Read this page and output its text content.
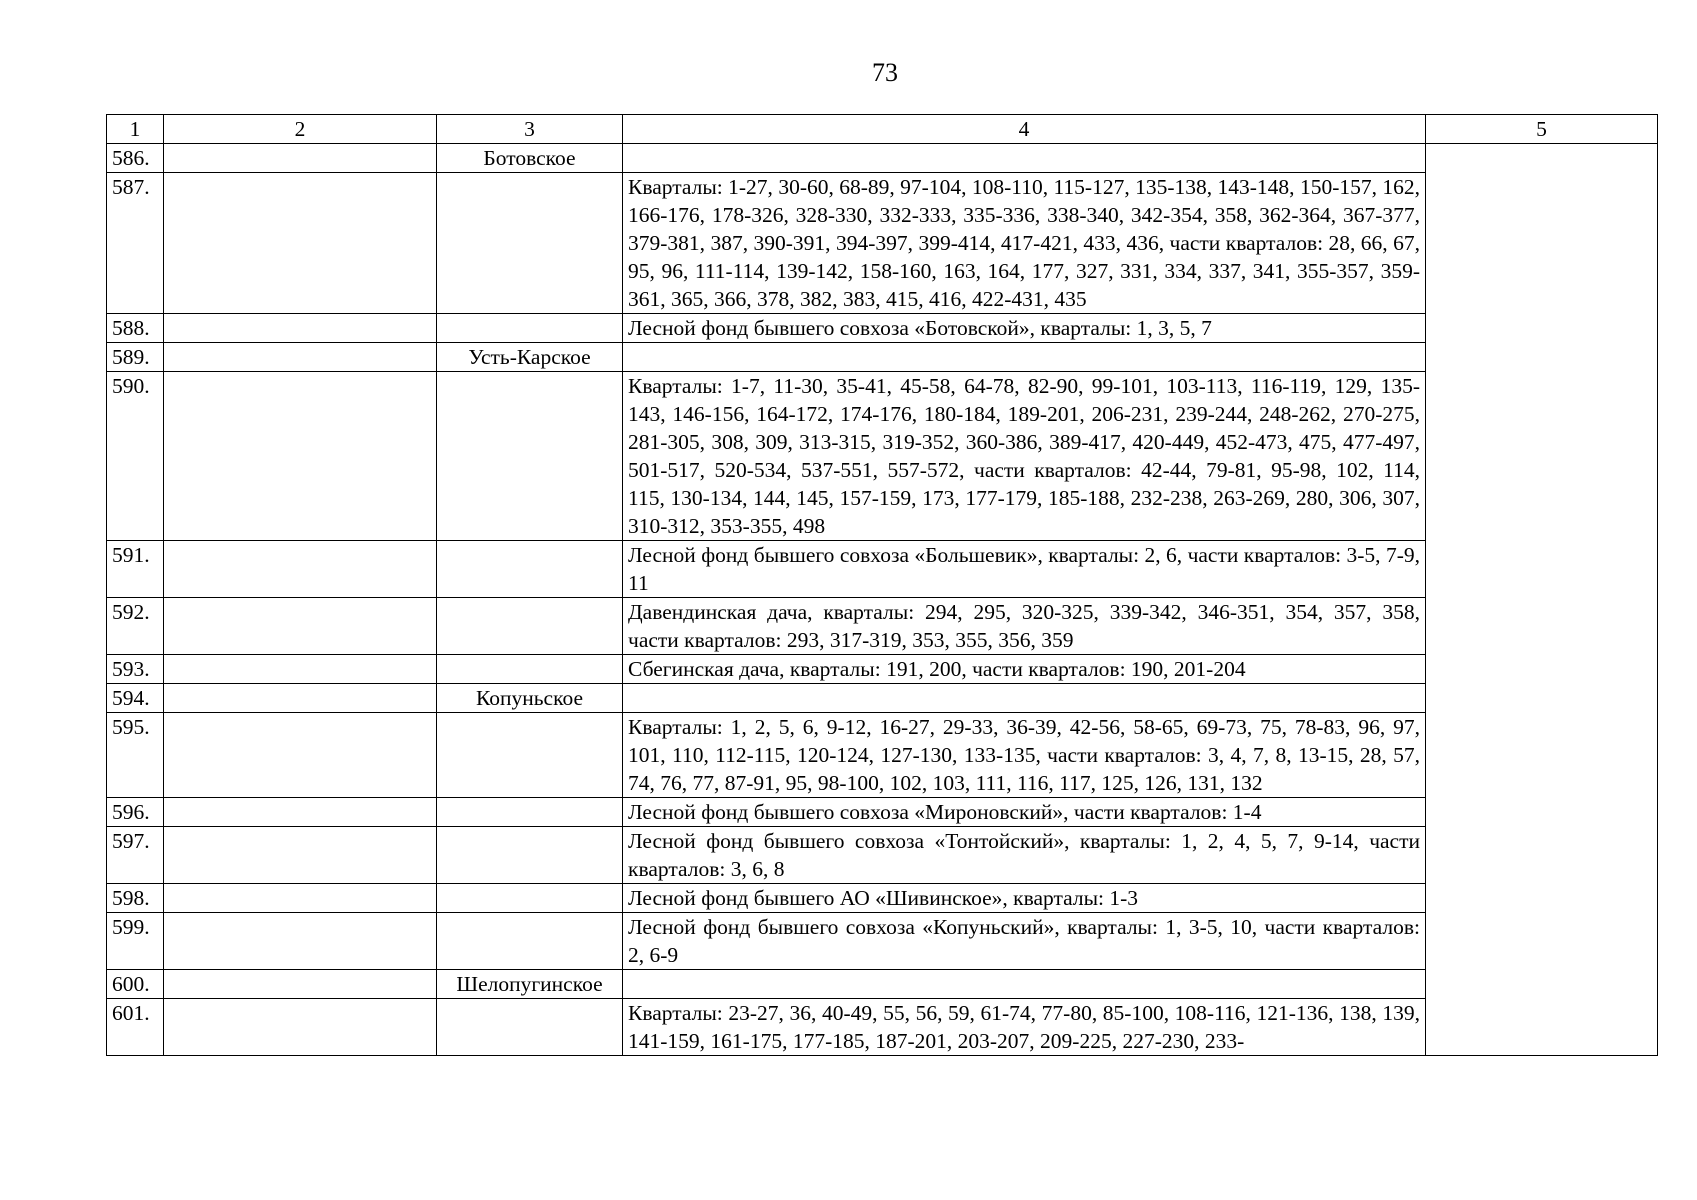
73
1	2	3	4	5
586.		Ботовское		
587.			Кварталы: 1-27, 30-60, 68-89, 97-104, 108-110, 115-127, 135-138, 143-148, 150-157, 162, 166-176, 178-326, 328-330, 332-333, 335-336, 338-340, 342-354, 358, 362-364, 367-377, 379-381, 387, 390-391, 394-397, 399-414, 417-421, 433, 436, части кварталов: 28, 66, 67, 95, 96, 111-114, 139-142, 158-160, 163, 164, 177, 327, 331, 334, 337, 341, 355-357, 359-361, 365, 366, 378, 382, 383, 415, 416, 422-431, 435	
588.			Лесной фонд бывшего совхоза «Ботовской», кварталы: 1, 3, 5, 7	
589.		Усть-Карское		
590.			Кварталы: 1-7, 11-30, 35-41, 45-58, 64-78, 82-90, 99-101, 103-113, 116-119, 129, 135-143, 146-156, 164-172, 174-176, 180-184, 189-201, 206-231, 239-244, 248-262, 270-275, 281-305, 308, 309, 313-315, 319-352, 360-386, 389-417, 420-449, 452-473, 475, 477-497, 501-517, 520-534, 537-551, 557-572, части кварталов: 42-44, 79-81, 95-98, 102, 114, 115, 130-134, 144, 145, 157-159, 173, 177-179, 185-188, 232-238, 263-269, 280, 306, 307, 310-312, 353-355, 498	
591.			Лесной фонд бывшего совхоза «Большевик», кварталы: 2, 6, части кварталов: 3-5, 7-9, 11	
592.			Давендинская дача, кварталы: 294, 295, 320-325, 339-342, 346-351, 354, 357, 358, части кварталов: 293, 317-319, 353, 355, 356, 359	
593.			Сбегинская дача, кварталы: 191, 200, части кварталов: 190, 201-204	
594.		Копуньское		
595.			Кварталы: 1, 2, 5, 6, 9-12, 16-27, 29-33, 36-39, 42-56, 58-65, 69-73, 75, 78-83, 96, 97, 101, 110, 112-115, 120-124, 127-130, 133-135, части кварталов: 3, 4, 7, 8, 13-15, 28, 57, 74, 76, 77, 87-91, 95, 98-100, 102, 103, 111, 116, 117, 125, 126, 131, 132	
596.			Лесной фонд бывшего совхоза «Мироновский», части кварталов: 1-4	
597.			Лесной фонд бывшего совхоза «Тонтойский», кварталы: 1, 2, 4, 5, 7, 9-14, части кварталов: 3, 6, 8	
598.			Лесной фонд бывшего АО «Шивинское», кварталы: 1-3	
599.			Лесной фонд бывшего совхоза «Копуньский», кварталы: 1, 3-5, 10, части кварталов: 2, 6-9	
600.		Шелопугинское		
601.			Кварталы: 23-27, 36, 40-49, 55, 56, 59, 61-74, 77-80, 85-100, 108-116, 121-136, 138, 139, 141-159, 161-175, 177-185, 187-201, 203-207, 209-225, 227-230, 233-	
